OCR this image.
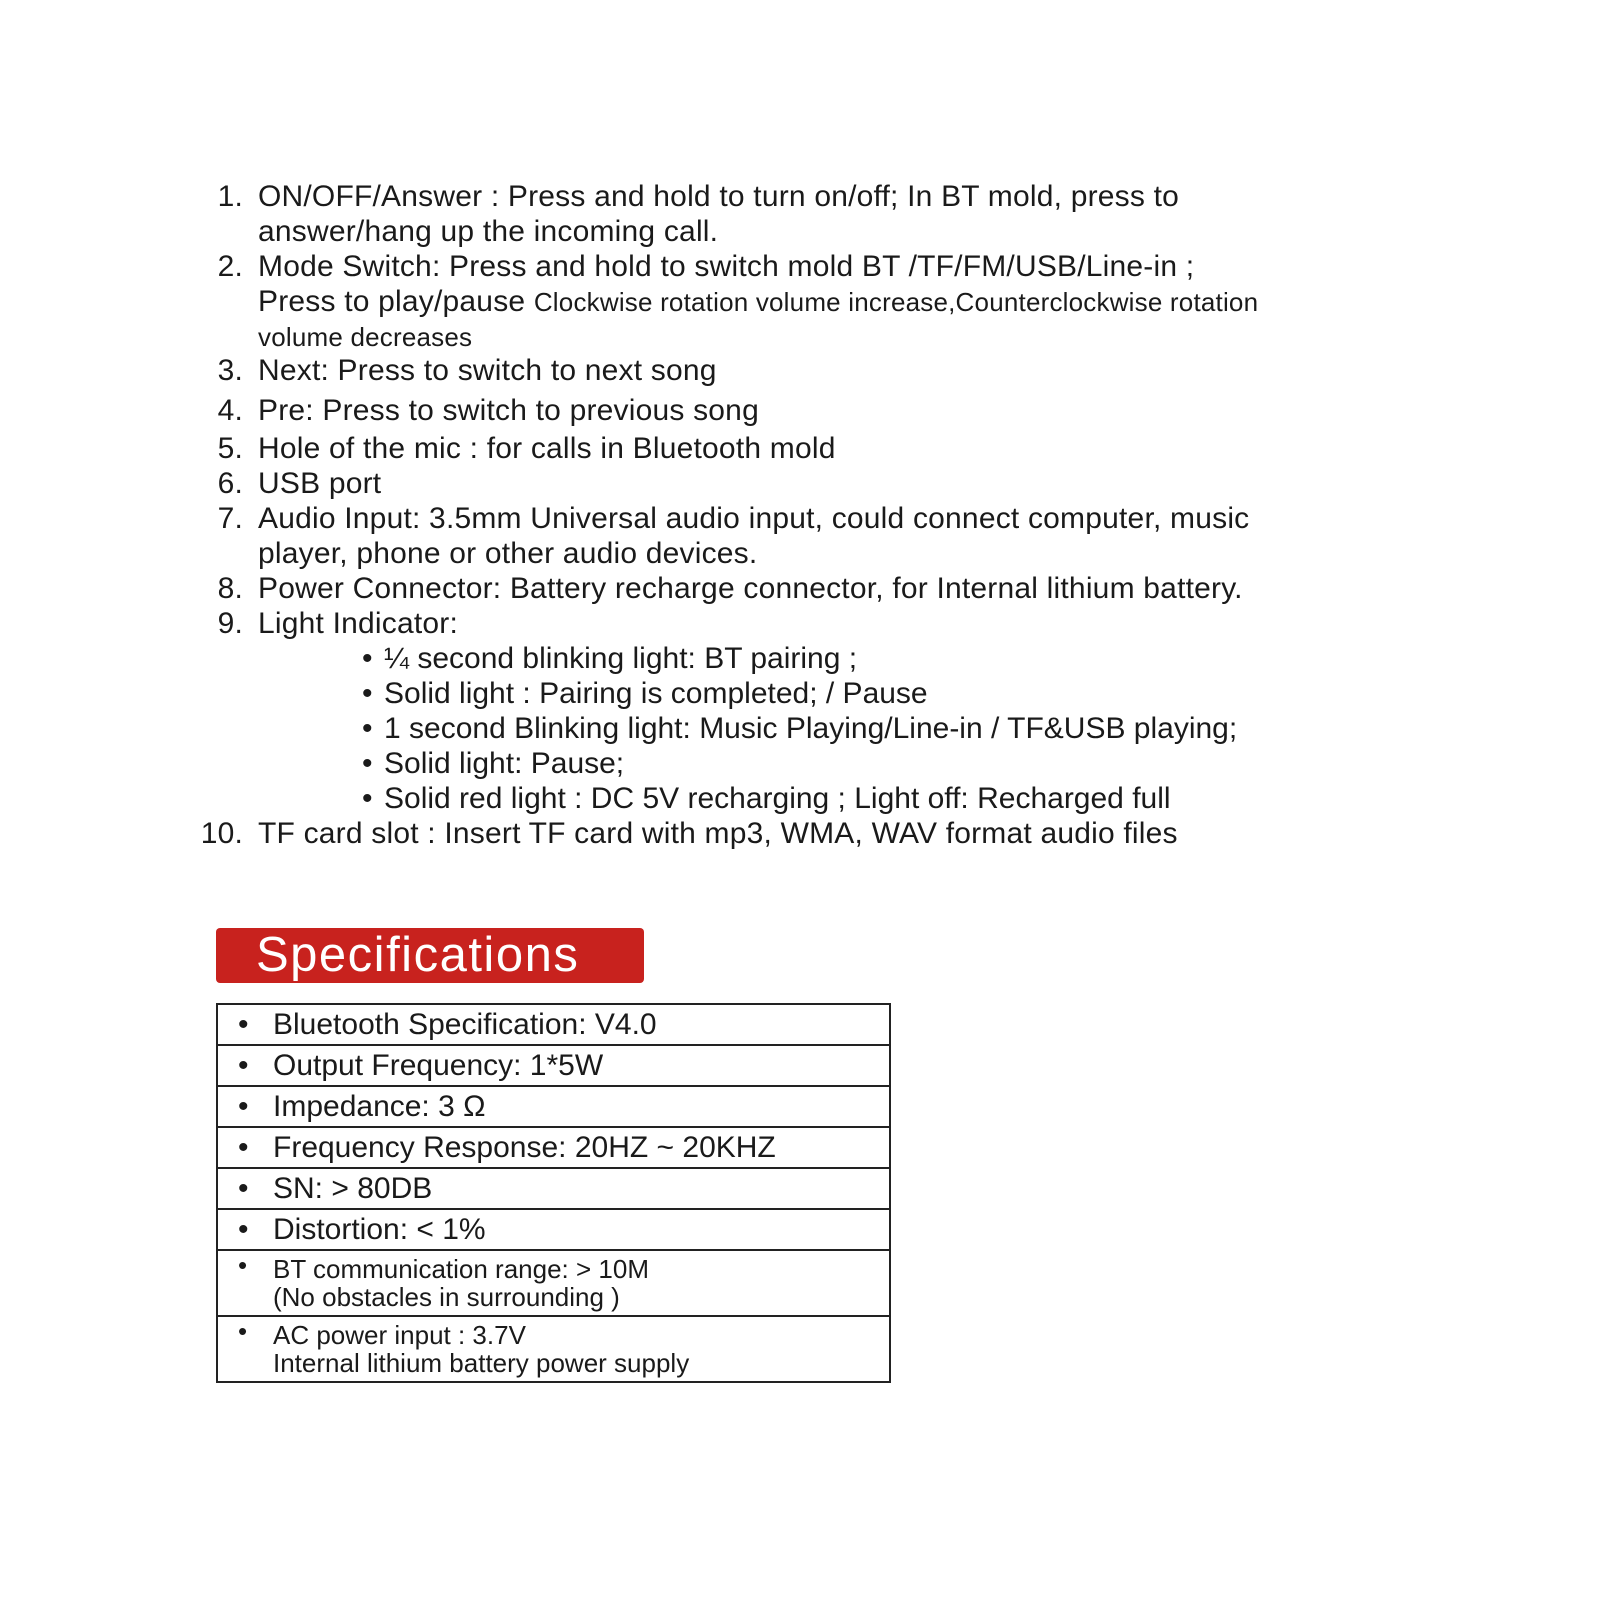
1. ON/OFF/Answer : Press and hold to turn on/off; In BT mold, press to
answer/hang up the incoming call.
2. Mode Switch: Press and hold to switch mold BT /TF/FM/USB/Line-in ;
Press to play/pause Clockwise rotation volume increase,Counterclockwise rotation
volume decreases
3. Next: Press to switch to next song
4. Pre: Press to switch to previous song
5. Hole of the mic : for calls in Bluetooth mold
6. USB port
7. Audio Input: 3.5mm Universal audio input, could connect computer, music
player, phone or other audio devices.
8. Power Connector: Battery recharge connector, for Internal lithium battery.
9. Light Indicator:
• ¼ second blinking light: BT pairing ;
• Solid light : Pairing is completed; / Pause
• 1 second Blinking light: Music Playing/Line-in / TF&USB playing;
• Solid light: Pause;
• Solid red light : DC 5V recharging ; Light off: Recharged full
10. TF card slot : Insert TF card with mp3, WMA, WAV format audio files
Specifications
• Bluetooth Specification: V4.0

• Output Frequency: 1*5W

• Impedance: 3 Ω

• Frequency Response: 20HZ ~ 20KHZ

• SN: > 80DB

• Distortion: < 1%

• BT communication range: > 10M
(No obstacles in surrounding )

• AC power input : 3.7V
Internal lithium battery power supply
